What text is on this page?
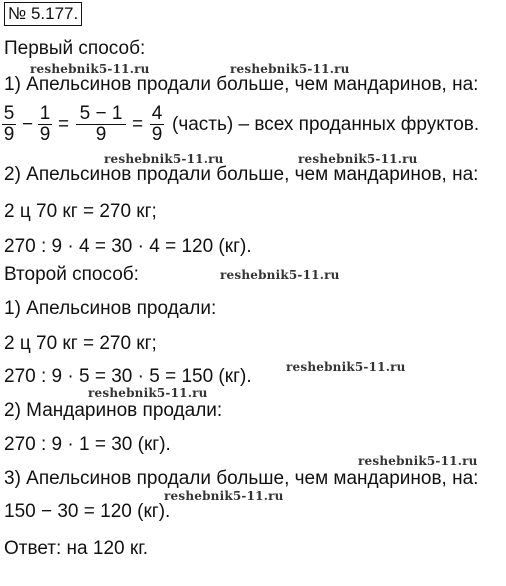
№ 5.177.
Первый способ:
1) Апельсинов продали больше, чем мандаринов, на:
$\frac{5}{9} - \frac{1}{9} = \frac{5 - 1}{9} = \frac{4}{9}$ (часть) – всех проданных фруктов.
2) Апельсинов продали больше, чем мандаринов, на:
2 ц 70 кг = 270 кг;
270 : 9 · 4 = 30 · 4 = 120 (кг).
Второй способ:
1) Апельсинов продали:
2 ц 70 кг = 270 кг;
270 : 9 · 5 = 30 · 5 = 150 (кг).
2) Мандаринов продали:
270 : 9 · 1 = 30 (кг).
3) Апельсинов продали больше, чем мандаринов, на:
150 − 30 = 120 (кг).
Ответ: на 120 кг.
reshebnik5-11.ru	reshebnik5-11.ru
reshebnik5-11.ru	reshebnik5-11.ru
reshebnik5-11.ru
reshebnik5-11.ru
reshebnik5-11.ru
reshebnik5-11.ru
reshebnik5-11.ru
